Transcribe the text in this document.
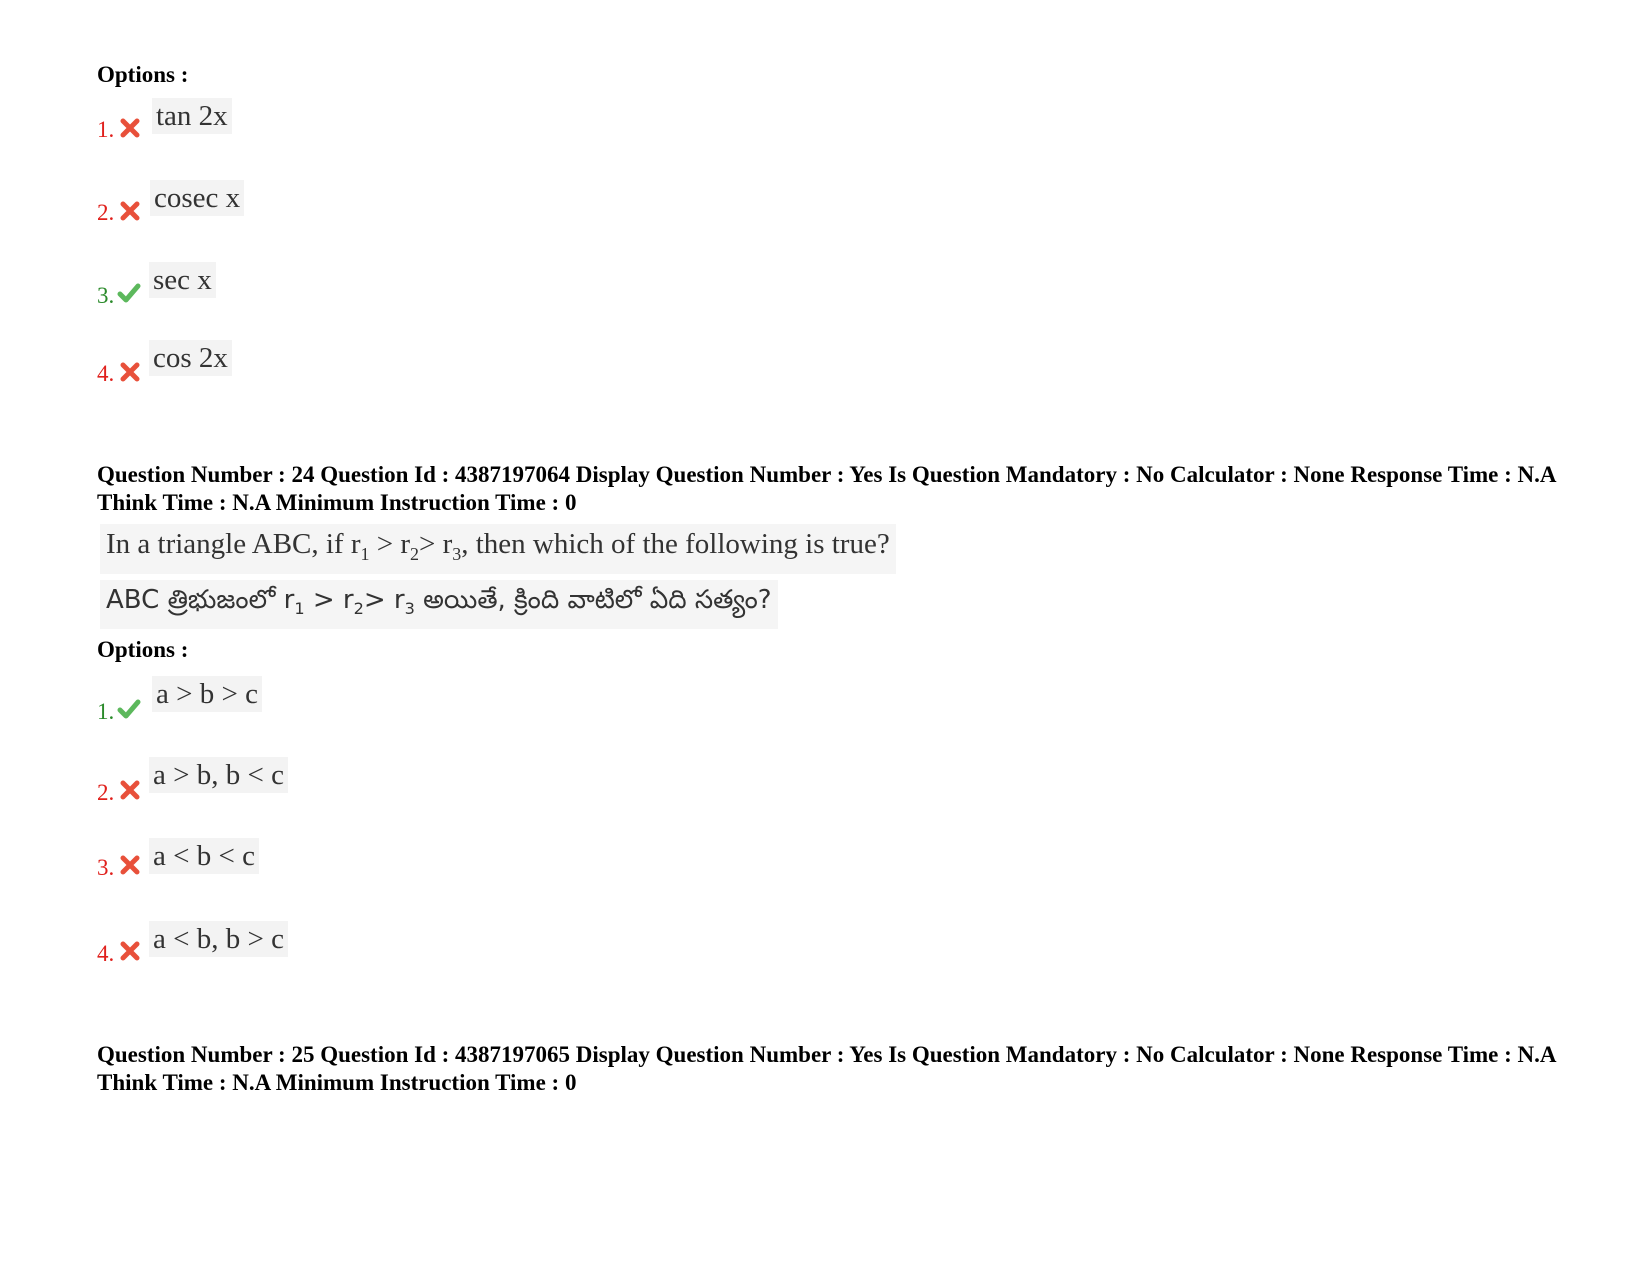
Options :
1. tan 2x
2. cosec x
3. sec x
4. cos 2x
Question Number : 24 Question Id : 4387197064 Display Question Number : Yes Is Question Mandatory : No Calculator : None Response Time : N.A Think Time : N.A Minimum Instruction Time : 0
In a triangle ABC, if $r_1 > r_2> r_3$, then which of the following is true?
ABC త్రిభుజంలో $r_1 > r_2> r_3$ అయితే, క్రింది వాటిలో ఏది సత్యం?
Options :
1.
a > b > c
2.
a > b, b < c
3. a < b < c
4. a < b, b > c
Question Number : 25 Question Id : 4387197065 Display Question Number : Yes Is Question Mandatory : No Calculator : None Response Time : N.A Think Time : N.A Minimum Instruction Time : 0
